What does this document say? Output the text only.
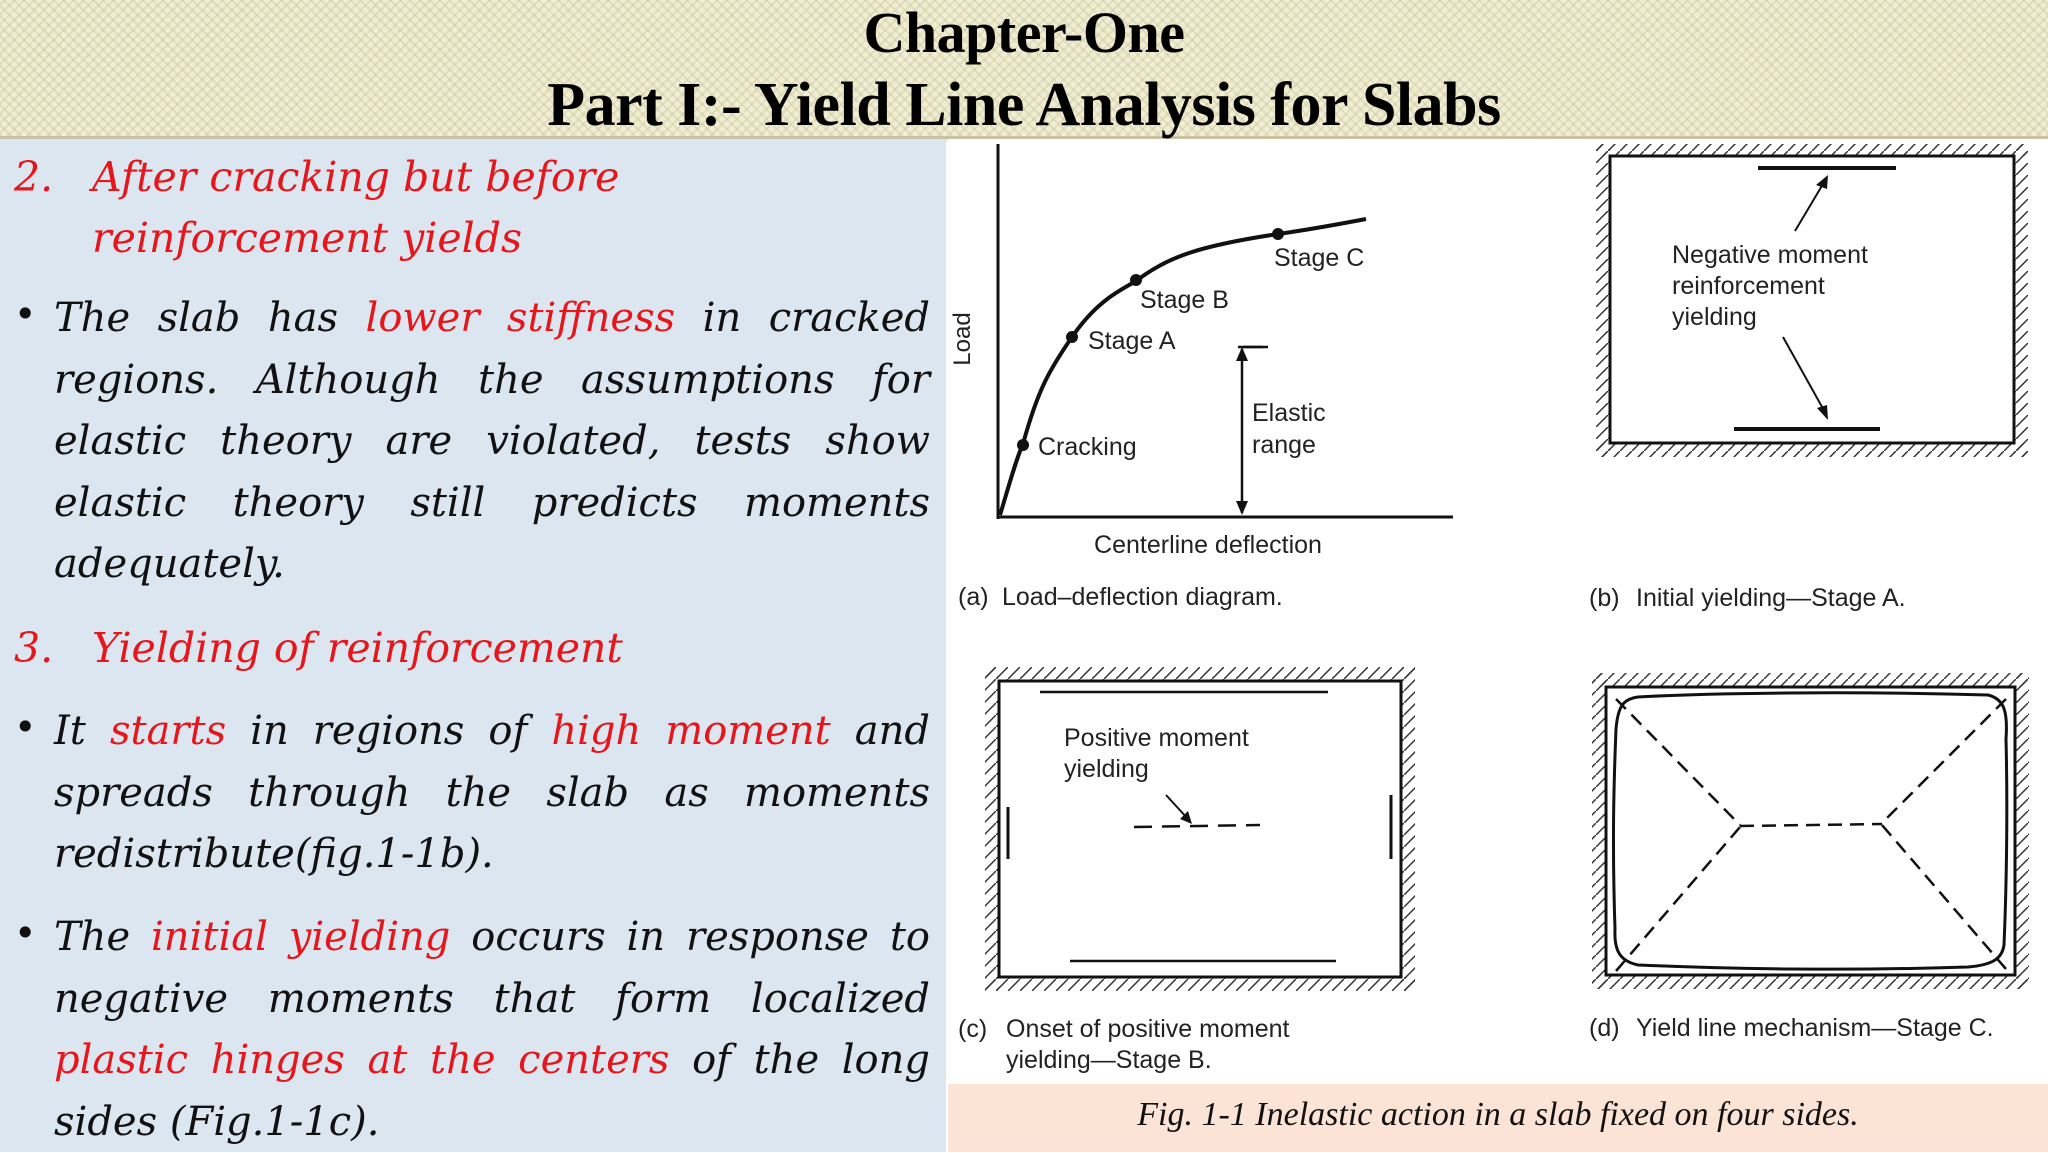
Chapter-One
Part I:- Yield Line Analysis for Slabs
2. After cracking but before
reinforcement yields
• The slab has lower stiffness in cracked regions. Although the assumptions for elastic theory are violated, tests show elastic theory still predicts moments adequately.
3. Yielding of reinforcement
• It starts in regions of high moment and spreads through the slab as moments redistribute(fig.1-1b).
• The initial yielding occurs in response to negative moments that form localized plastic hinges at the centers of the long sides (Fig.1-1c).
Load
Stage C
Stage B
Stage A
Cracking
Elastic
range
Centerline deflection
(a) Load–deflection diagram.
Negative moment
reinforcement
yielding
(b) Initial yielding—Stage A.
Positive moment
yielding
(c) Onset of positive moment
yielding—Stage B.
(d) Yield line mechanism—Stage C.
Fig. 1-1 Inelastic action in a slab fixed on four sides.
